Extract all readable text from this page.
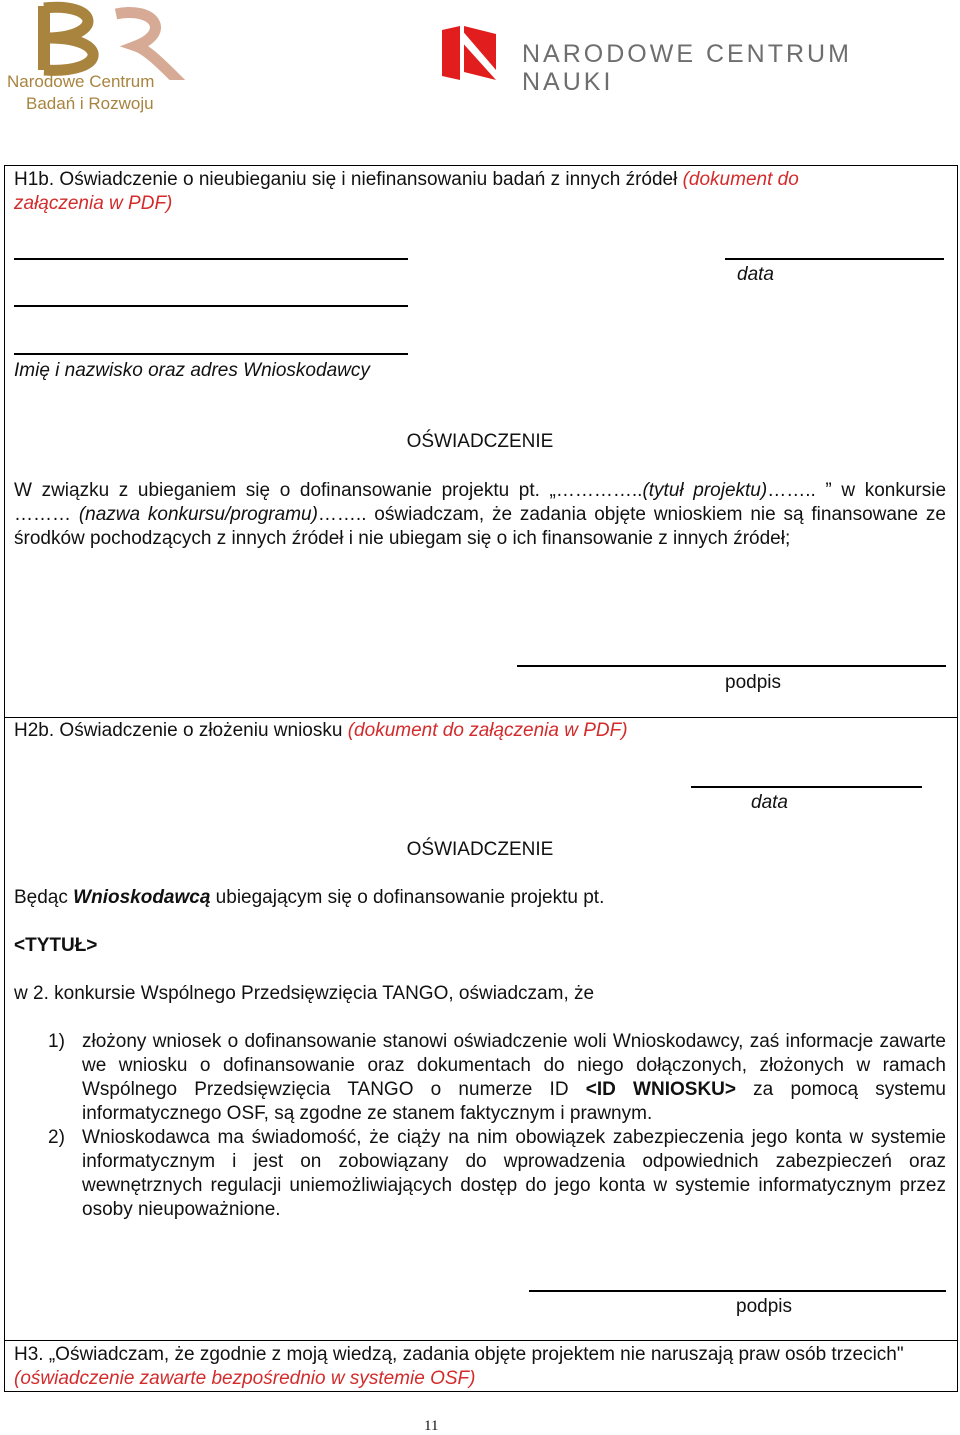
Narodowe Centrum
Badań i Rozwoju
NARODOWE CENTRUM NAUKI
H1b. Oświadczenie o nieubieganiu się i niefinansowaniu badań z innych źródeł (dokument do załączenia w PDF)
data
Imię i nazwisko oraz adres Wnioskodawcy
OŚWIADCZENIE
W związku z ubieganiem się o dofinansowanie projektu pt. „…………..(tytuł projektu)…….. ” w konkursie ……… (nazwa konkursu/programu)…….. oświadczam, że zadania objęte wnioskiem nie są finansowane ze środków pochodzących z innych źródeł i nie ubiegam się o ich finansowanie z innych źródeł;
podpis
H2b. Oświadczenie o złożeniu wniosku (dokument do załączenia w PDF)
data
OŚWIADCZENIE
Będąc Wnioskodawcą ubiegającym się o dofinansowanie projektu pt.
<TYTUŁ>
w 2. konkursie Wspólnego Przedsięwzięcia TANGO, oświadczam, że
1) złożony wniosek o dofinansowanie stanowi oświadczenie woli Wnioskodawcy, zaś informacje zawarte we wniosku o dofinansowanie oraz dokumentach do niego dołączonych, złożonych w ramach Wspólnego Przedsięwzięcia TANGO o numerze ID <ID WNIOSKU> za pomocą systemu informatycznego OSF, są zgodne ze stanem faktycznym i prawnym.
2) Wnioskodawca ma świadomość, że ciąży na nim obowiązek zabezpieczenia jego konta w systemie informatycznym i jest on zobowiązany do wprowadzenia odpowiednich zabezpieczeń oraz wewnętrznych regulacji uniemożliwiających dostęp do jego konta w systemie informatycznym przez osoby nieupoważnione.
podpis
H3. „Oświadczam, że zgodnie z moją wiedzą, zadania objęte projektem nie naruszają praw osób trzecich" (oświadczenie zawarte bezpośrednio w systemie OSF)
11
